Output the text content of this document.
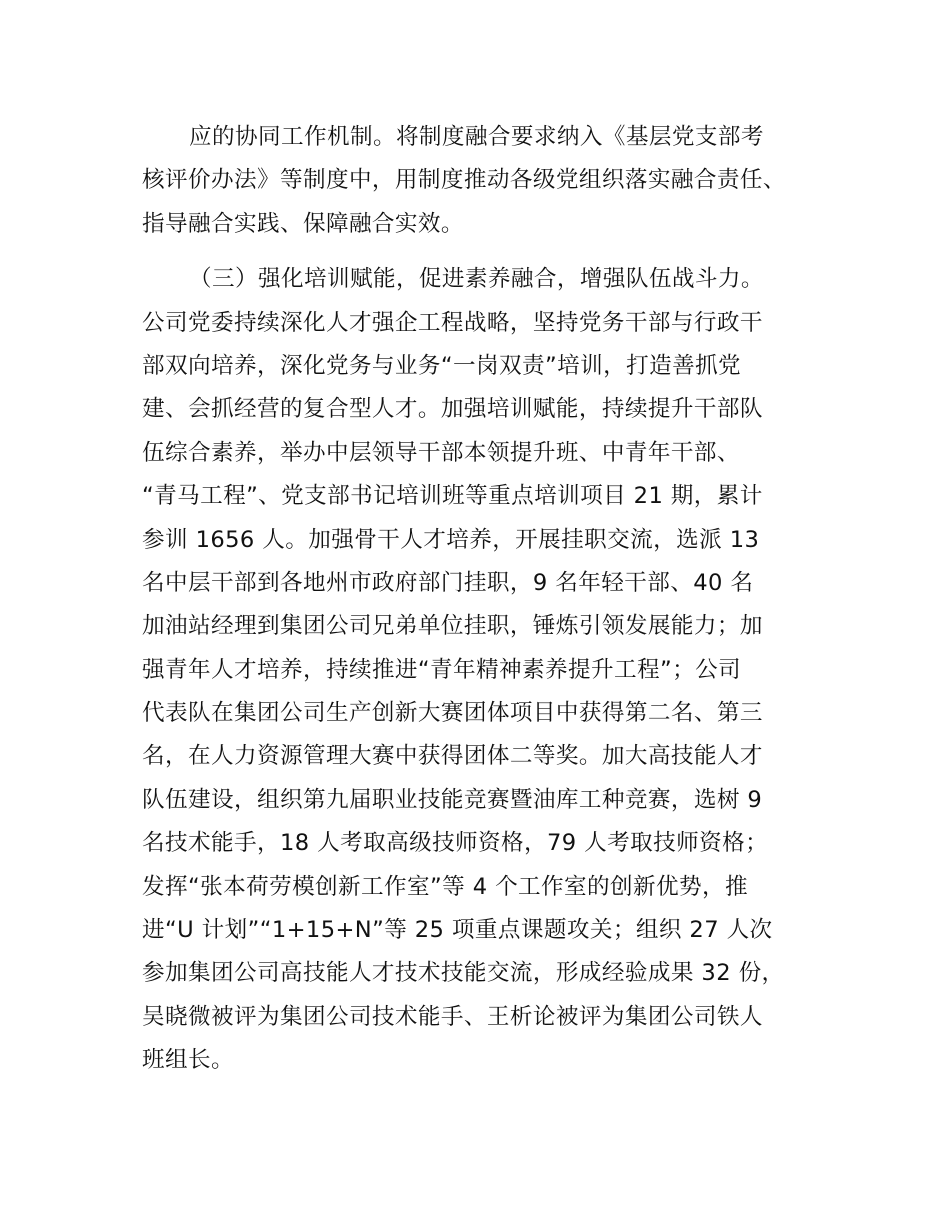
应的协同工作机制。将制度融合要求纳入《基层党支部考
核评价办法》等制度中，用制度推动各级党组织落实融合责任、
指导融合实践、保障融合实效。
（三）强化培训赋能，促进素养融合，增强队伍战斗力。
公司党委持续深化人才强企工程战略，坚持党务干部与行政干
部双向培养，深化党务与业务“一岗双责”培训，打造善抓党
建、会抓经营的复合型人才。加强培训赋能，持续提升干部队
伍综合素养，举办中层领导干部本领提升班、中青年干部、
“青马工程”、党支部书记培训班等重点培训项目 21 期，累计
参训 1656 人。加强骨干人才培养，开展挂职交流，选派 13
名中层干部到各地州市政府部门挂职，9 名年轻干部、40 名
加油站经理到集团公司兄弟单位挂职，锤炼引领发展能力；加
强青年人才培养，持续推进“青年精神素养提升工程”；公司
代表队在集团公司生产创新大赛团体项目中获得第二名、第三
名，在人力资源管理大赛中获得团体二等奖。加大高技能人才
队伍建设，组织第九届职业技能竞赛暨油库工种竞赛，选树 9
名技术能手，18 人考取高级技师资格，79 人考取技师资格；
发挥“张本荷劳模创新工作室”等 4 个工作室的创新优势，推
进“U 计划”“1+15+N”等 25 项重点课题攻关；组织 27 人次
参加集团公司高技能人才技术技能交流，形成经验成果 32 份，
吴晓微被评为集团公司技术能手、王析论被评为集团公司铁人
班组长。
